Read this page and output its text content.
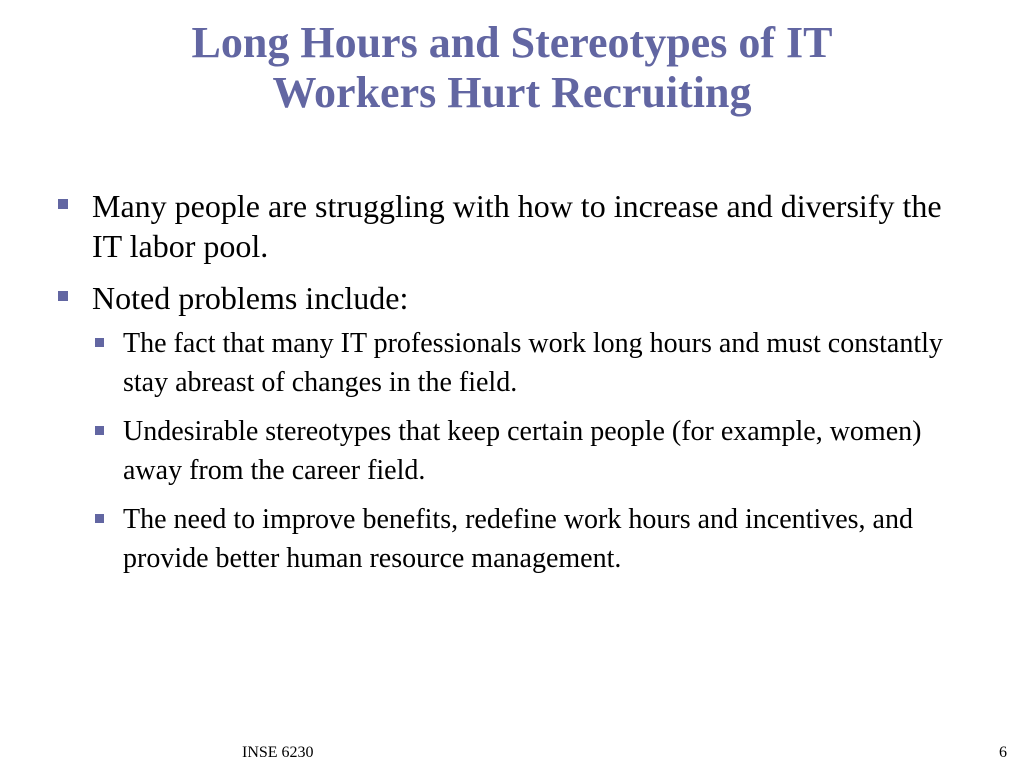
Long Hours and Stereotypes of IT
Workers Hurt Recruiting
Many people are struggling with how to increase and diversify the IT labor pool.
Noted problems include:
The fact that many IT professionals work long hours and must constantly stay abreast of changes in the field.
Undesirable stereotypes that keep certain people (for example, women) away from the career field.
The need to improve benefits, redefine work hours and incentives, and provide better human resource management.
INSE 6230	6
